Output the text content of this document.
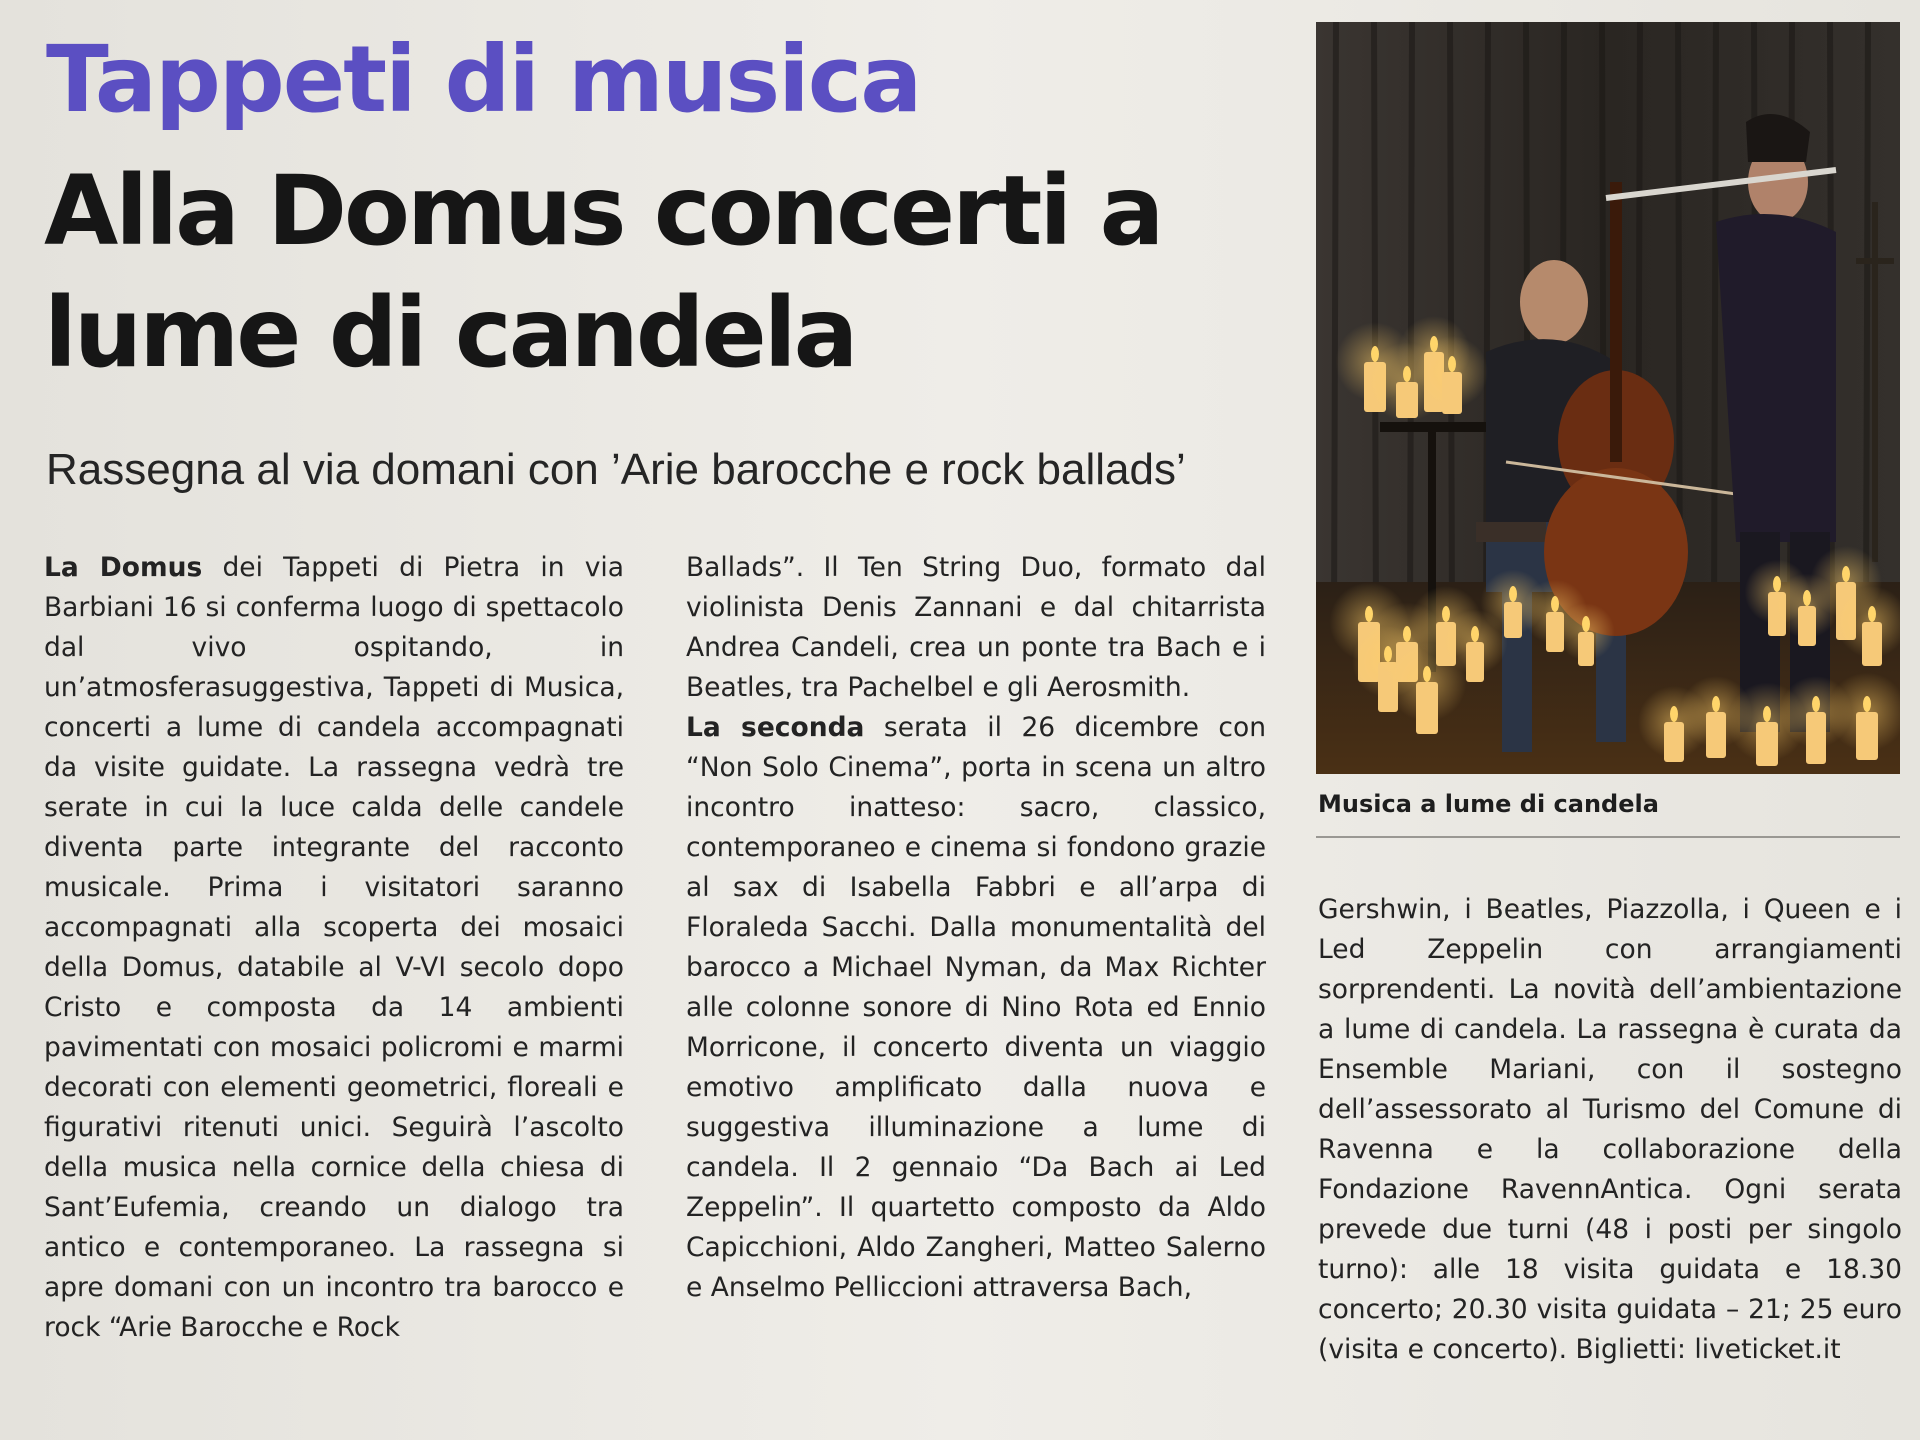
Tappeti di musica
Alla Domus concerti a lume di candela
Rassegna al via domani con ’Arie barocche e rock ballads’

La Domus dei Tappeti di Pietra in via Barbiani 16 si conferma luogo di spettacolo dal vivo ospitando, in un’atmosferasuggestiva, Tappeti di Musica, concerti a lume di candela accompagnati da visite guidate. La rassegna vedrà tre serate in cui la luce calda delle candele diventa parte integrante del racconto musicale. Prima i visitatori saranno accompagnati alla scoperta dei mosaici della Domus, databile al V-VI secolo dopo Cristo e composta da 14 ambienti pavimentati con mosaici policromi e marmi decorati con elementi geometrici, floreali e figurativi ritenuti unici. Seguirà l’ascolto della musica nella cornice della chiesa di Sant’Eufemia, creando un dialogo tra antico e contemporaneo. La rassegna si apre domani con un incontro tra barocco e rock “Arie Barocche e Rock

Ballads”. Il Ten String Duo, formato dal violinista Denis Zannani e dal chitarrista Andrea Candeli, crea un ponte tra Bach e i Beatles, tra Pachelbel e gli Aerosmith.

La seconda serata il 26 dicembre con “Non Solo Cinema”, porta in scena un altro incontro inatteso: sacro, classico, contemporaneo e cinema si fondono grazie al sax di Isabella Fabbri e all’arpa di Floraleda Sacchi. Dalla monumentalità del barocco a Michael Nyman, da Max Richter alle colonne sonore di Nino Rota ed Ennio Morricone, il concerto diventa un viaggio emotivo amplificato dalla nuova e suggestiva illuminazione a lume di candela. Il 2 gennaio “Da Bach ai Led Zeppelin”. Il quartetto composto da Aldo Capicchioni, Aldo Zangheri, Matteo Salerno e Anselmo Pelliccioni attraversa Bach,

Musica a lume di candela

Gershwin, i Beatles, Piazzolla, i Queen e i Led Zeppelin con arrangiamenti sorprendenti. La novità dell’ambientazione a lume di candela. La rassegna è curata da Ensemble Mariani, con il sostegno dell’assessorato al Turismo del Comune di Ravenna e la collaborazione della Fondazione RavennAntica. Ogni serata prevede due turni (48 i posti per singolo turno): alle 18 visita guidata e 18.30 concerto; 20.30 visita guidata – 21; 25 euro (visita e concerto). Biglietti: liveticket.it
